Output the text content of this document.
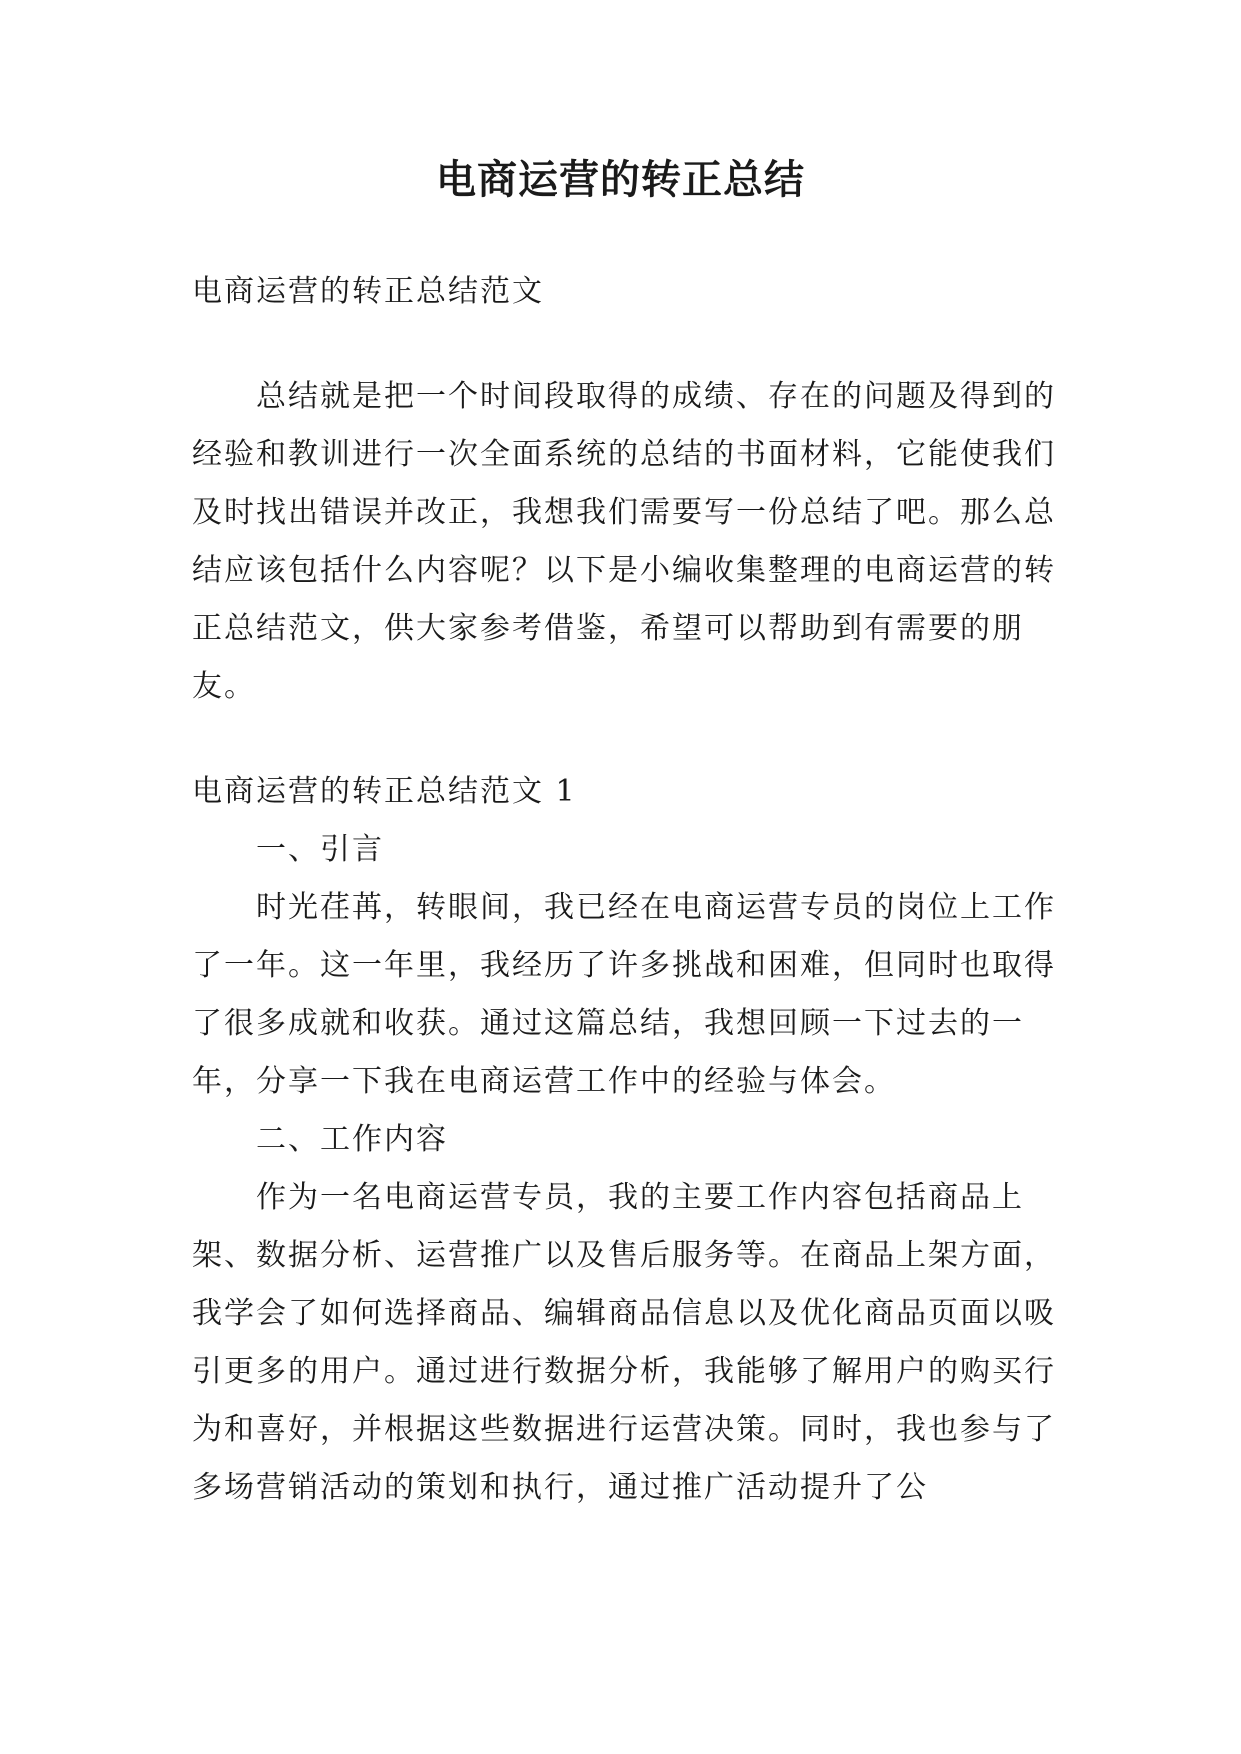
电商运营的转正总结

电商运营的转正总结范文

总结就是把一个时间段取得的成绩、存在的问题及得到的经验和教训进行一次全面系统的总结的书面材料，它能使我们及时找出错误并改正，我想我们需要写一份总结了吧。那么总结应该包括什么内容呢？以下是小编收集整理的电商运营的转正总结范文，供大家参考借鉴，希望可以帮助到有需要的朋友。

电商运营的转正总结范文 1

一、引言

时光荏苒，转眼间，我已经在电商运营专员的岗位上工作了一年。这一年里，我经历了许多挑战和困难，但同时也取得了很多成就和收获。通过这篇总结，我想回顾一下过去的一年，分享一下我在电商运营工作中的经验与体会。

二、工作内容

作为一名电商运营专员，我的主要工作内容包括商品上架、数据分析、运营推广以及售后服务等。在商品上架方面，我学会了如何选择商品、编辑商品信息以及优化商品页面以吸引更多的用户。通过进行数据分析，我能够了解用户的购买行为和喜好，并根据这些数据进行运营决策。同时，我也参与了多场营销活动的策划和执行，通过推广活动提升了公
